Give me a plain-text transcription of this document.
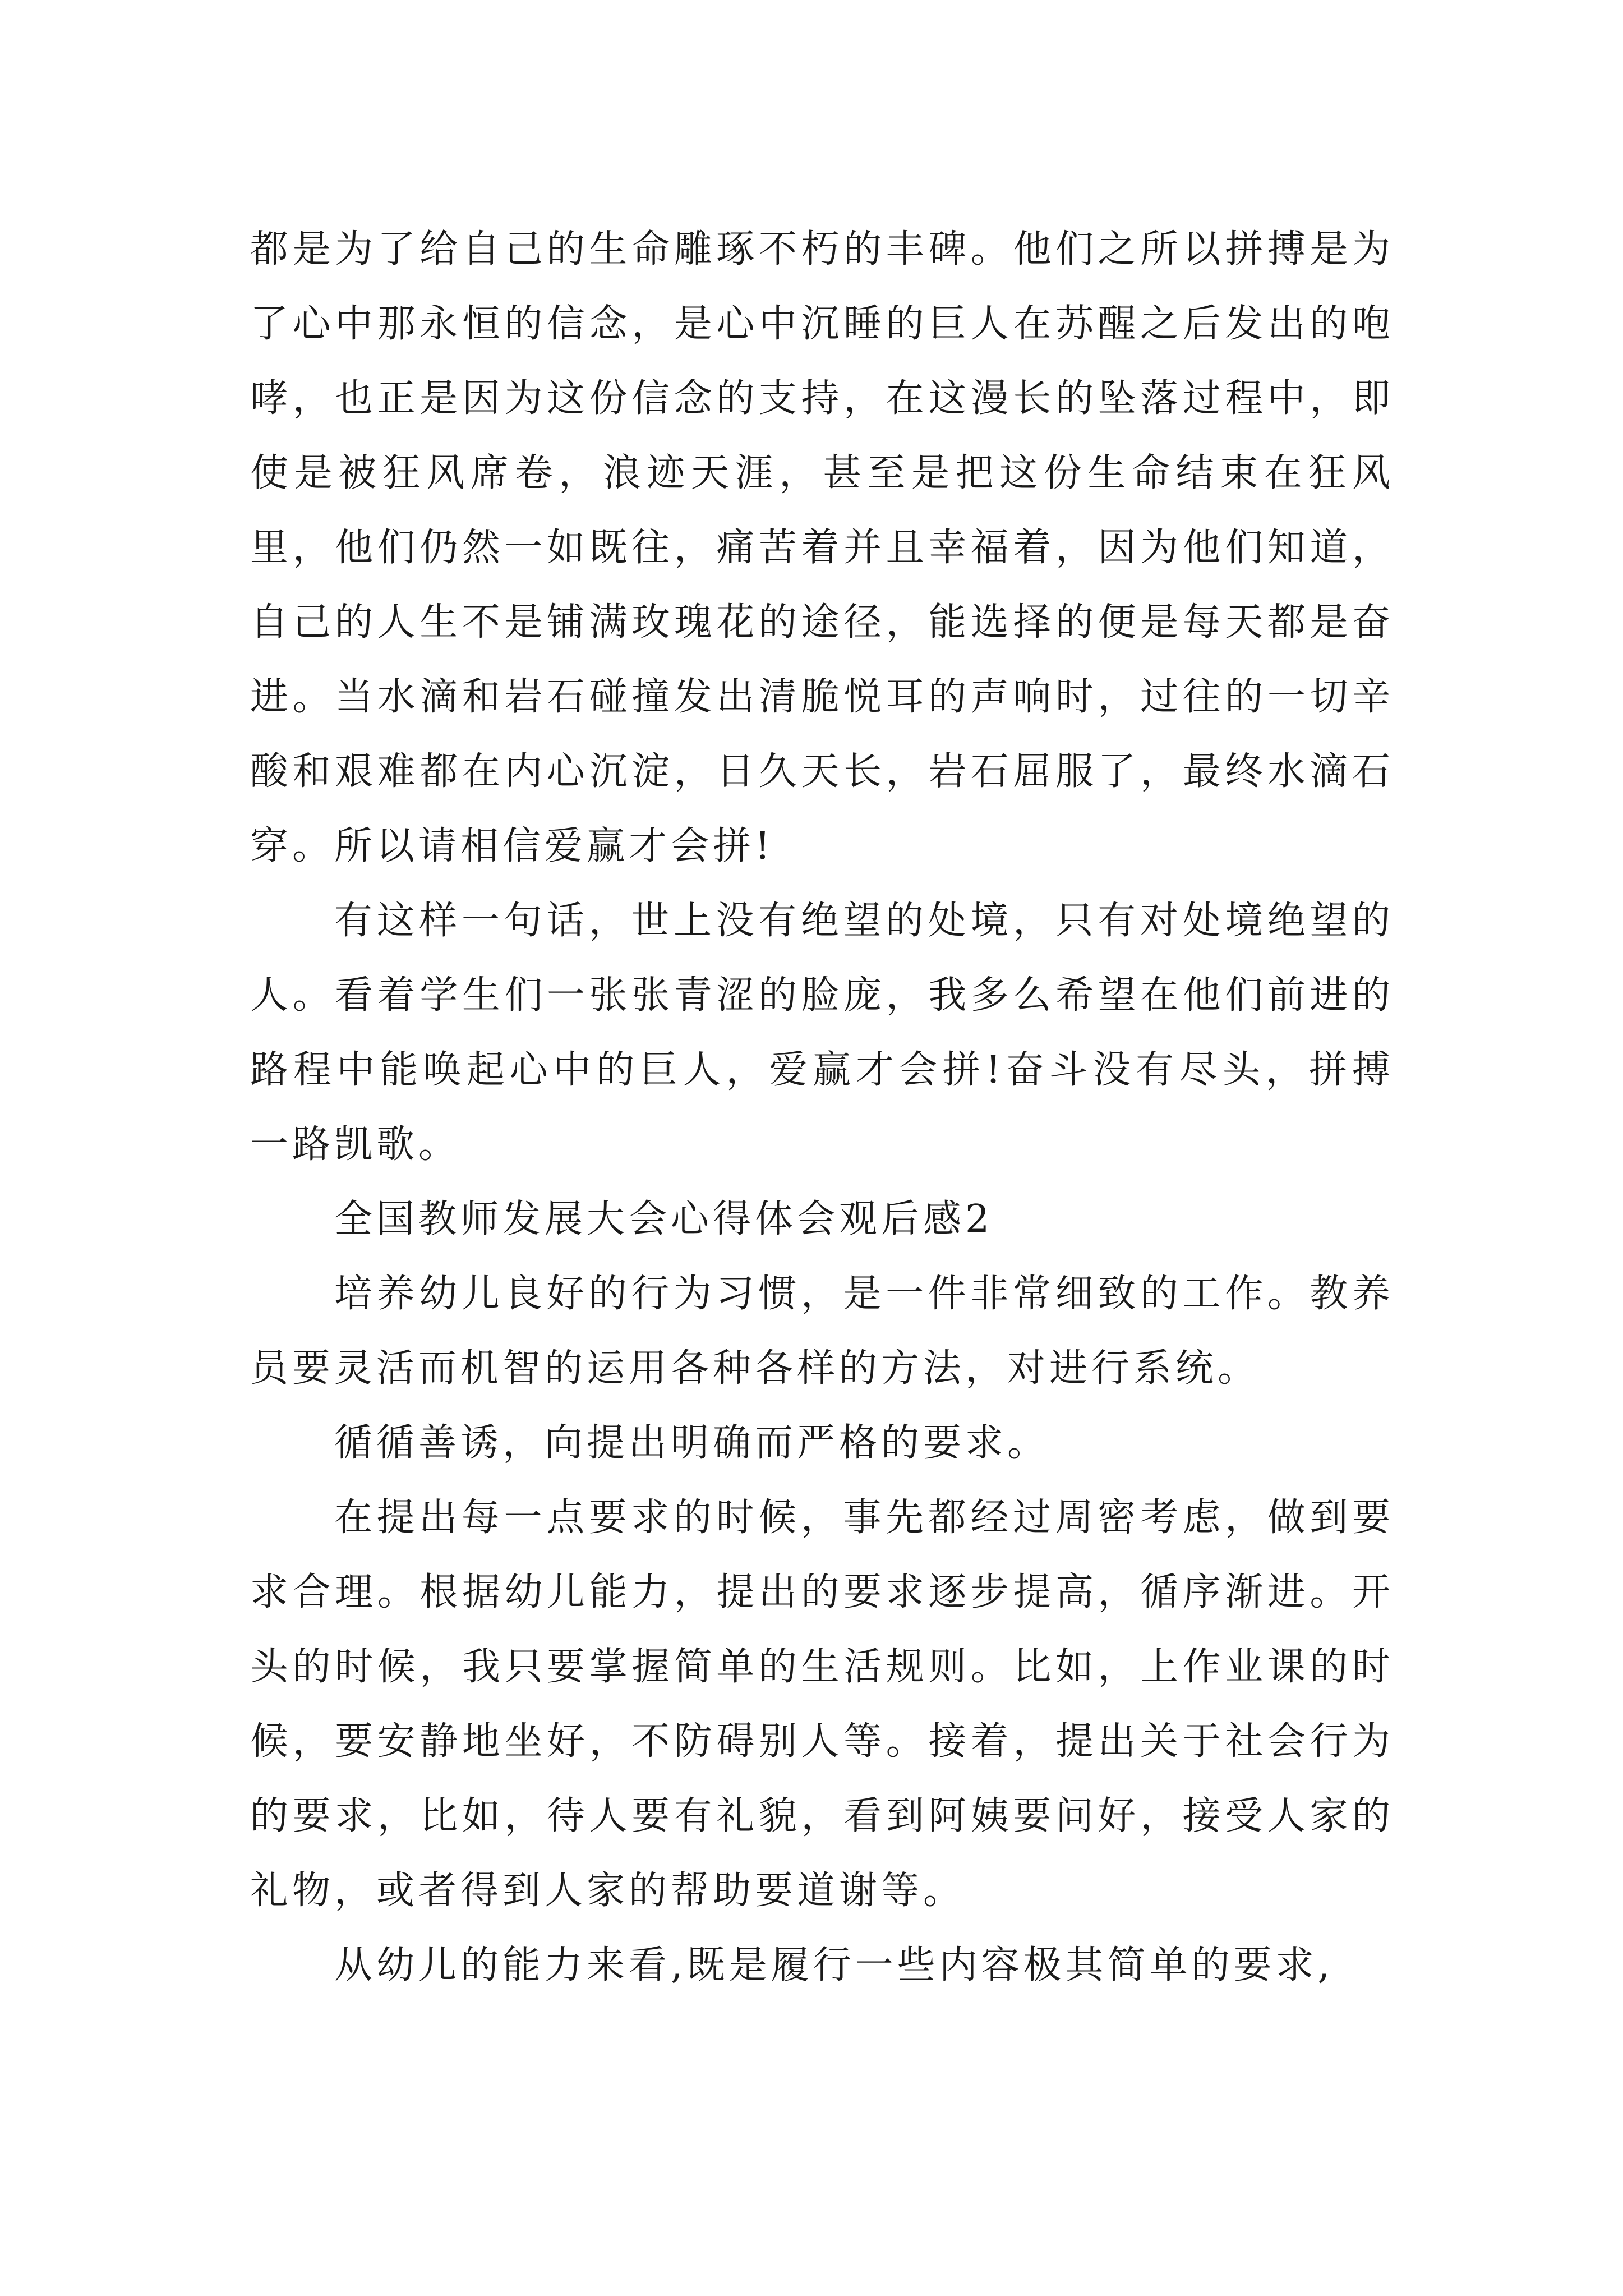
都是为了给自己的生命雕琢不朽的丰碑。他们之所以拼搏是为了心中那永恒的信念，是心中沉睡的巨人在苏醒之后发出的咆哮，也正是因为这份信念的支持，在这漫长的坠落过程中，即使是被狂风席卷，浪迹天涯，甚至是把这份生命结束在狂风里，他们仍然一如既往，痛苦着并且幸福着，因为他们知道，自己的人生不是铺满玫瑰花的途径，能选择的便是每天都是奋进。当水滴和岩石碰撞发出清脆悦耳的声响时，过往的一切辛酸和艰难都在内心沉淀，日久天长，岩石屈服了，最终水滴石穿。所以请相信爱赢才会拼!

有这样一句话，世上没有绝望的处境，只有对处境绝望的人。看着学生们一张张青涩的脸庞，我多么希望在他们前进的路程中能唤起心中的巨人，爱赢才会拼!奋斗没有尽头，拼搏一路凯歌。

全国教师发展大会心得体会观后感2

培养幼儿良好的行为习惯，是一件非常细致的工作。教养员要灵活而机智的运用各种各样的方法，对进行系统。

循循善诱，向提出明确而严格的要求。

在提出每一点要求的时候，事先都经过周密考虑，做到要求合理。根据幼儿能力，提出的要求逐步提高，循序渐进。开头的时候，我只要掌握简单的生活规则。比如，上作业课的时候，要安静地坐好，不防碍别人等。接着，提出关于社会行为的要求，比如，待人要有礼貌，看到阿姨要问好，接受人家的礼物，或者得到人家的帮助要道谢等。

从幼儿的能力来看,既是履行一些内容极其简单的要求,
